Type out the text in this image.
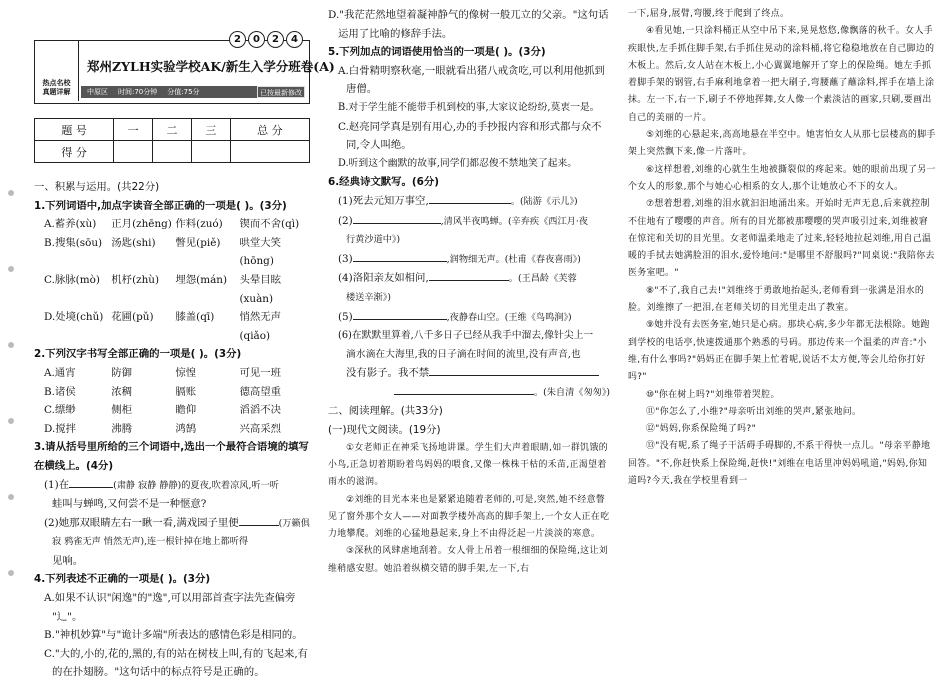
热点名校
真题详解
2	0	2	4
郑州ZYLH实验学校AK/新生入学分班卷(A)
中原区 时间:70分钟 分值:75分	已按最新修改
题 号	一	二	三	总 分
得 分				

一、积累与运用。(共22分)

1.下列词语中,加点字读音全部正确的一项是( )。(3分)

A.蓄养(xù)	正月(zhēng) 作料(zuó)	锲而不舍(qì)
B.搜集(sōu) 汤匙(shi)	瞥见(piě)	哄堂大笑(hōng)
C.脉脉(mò)	机杼(zhù)	埋怨(mán)	头晕目眩(xuàn)
D.处境(chǔ) 花圃(pǔ)	膝盖(qī)	悄然无声(qiǎo)

2.下列汉字书写全部正确的一项是( )。(3分)

A.通宵	防御	惊惶	可见一班
B.诸侯	浓稠	膈账	德高望重
C.缥缈	侧柜	瞻仰	滔滔不决
D.搅拌	沸腾	鸿鹄	兴高采烈

3.请从括号里所给的三个词语中,选出一个最符合语境的填写在横线上。(4分)

(1)在	(肃静 寂静 静静)的夏夜,吹着凉风,听一听

蛙叫与蝉鸣,又何尝不是一种惬意?

(2)她那双眼睛左右一瞅一看,满戏园子里便	(万籁俱

寂 鸦雀无声 悄然无声),连一根针掉在地上都听得

见响。

4.下列表述不正确的一项是( )。(3分)

A.如果不认识"闲逸"的"逸",可以用部首查字法先查偏旁

"辶"。

B."神机妙算"与"诡计多端"所表达的感情色彩是相同的。

C."大的,小的,花的,黑的,有的站在树枝上叫,有的飞起来,有

的在扑翅膀。"这句话中的标点符号是正确的。

D."我茫茫然地望着凝神静气的像树一般兀立的父亲。"这句话

运用了比喻的修辞手法。

5.下列加点的词语使用恰当的一项是( )。(3分)

A.白骨精明察秋毫,一眼就看出猪八戒贪吃,可以利用他抓到

唐僧。

B.对于学生能不能带手机到校的事,大家议论纷纷,莫衷一是。

C.赵亮同学真是别有用心,办的手抄报内容和形式都与众不

同,令人叫绝。

D.听到这个幽默的故事,同学们都忍俊不禁地笑了起来。

6.经典诗文默写。(6分)

(1)死去元知万事空,	。(陆游《示儿》)

(2)	,清风半夜鸣蝉。(辛弃疾《西江月·夜

行黄沙道中》)

(3)	,润物细无声。(杜甫《春夜喜雨》)

(4)洛阳亲友如相问,	。(王昌龄《芙蓉

楼送辛渐》)

(5)	,夜静春山空。(王维《鸟鸣涧》)

(6)在默默里算着,八千多日子已经从我手中溜去,像针尖上一

滴水滴在大海里,我的日子滴在时间的流里,没有声音,也

没有影子。我不禁

。(朱自清《匆匆》)

二、阅读理解。(共33分)

(一)现代文阅读。(19分)

①女老师正在神采飞扬地讲课。学生们大声着眼睛,如一群饥饿的小鸟,正急切着期盼着鸟妈妈的喂食,又像一株株干枯的禾苗,正渴望着雨水的滋润。

②刘维的目光本来也是紧紧追随着老师的,可是,突然,她不经意瞥见了窗外那个女人——对面教学楼外高高的脚手架上,一个女人正在吃力地攀爬。刘维的心猛地悬起来,身上不由得泛起一片淡淡的寒意。

③深秋的风肆虐地刮着。女人骨上吊着一根细细的保险绳,这让刘维稍感安慰。她沿着纵横交错的脚手架,左一下,右

一下,屈身,展臂,弯腰,终于爬到了终点。

④看见她,一只涂料桶正从空中吊下来,晃晃悠悠,像飘落的秋千。女人手疾眼快,左手抓住脚手架,右手抓住晃动的涂料桶,将它稳稳地放在自己脚边的木板上。然后,女人站在木板上,小心翼翼地解开了穿上的保险绳。她左手抓着脚手架的钢管,右手麻利地拿着一把大刷子,弯腰蘸了蘸涂料,挥手在墙上涂抹。左一下,右一下,刷子不停地挥舞,女人像一个素淡洁的画家,只刷,要画出自己的美丽的一片。

⑤刘维的心悬起来,高高地悬在半空中。她害怕女人从那七层楼高的脚手架上突然飘下来,像一片落叶。

⑥这样想着,刘维的心就生生地被撕裂似的疼起来。她的眼前出现了另一个女人的形象,那个与她心心相系的女人,那个让她放心不下的女人。

⑦想着想着,刘维的泪水就汩汩地涌出来。开始时无声无息,后来就控制不住地有了嘤嘤的声音。所有的目光都被那嘤嘤的哭声吸引过来,刘维被窘在惊诧和关切的目光里。女老师温柔地走了过来,轻轻地拉起刘维,用自己温暖的手拭去她满脸泪的泪水,爱怜地问:"是哪里不舒服吗?"同桌说:"我陪你去医务室吧。"

⑧"不了,我自己去!"刘维终于勇敢地抬起头,老师看到一张满是泪水的脸。刘维擦了一把泪,在老师关切的目光里走出了教室。

⑨她并没有去医务室,她只是心病。那块心病,多少年都无法根除。她跑到学校的电话亭,快速拨通那个熟悉的号码。那边传来一个温柔的声音:"小维,有什么事吗?"妈妈正在脚手架上忙着呢,说话不太方便,等会儿给你打好吗?"

⑩"你在树上吗?"刘维带着哭腔。

⑪"你怎么了,小维?"母亲听出刘维的哭声,紧张地问。

⑫"妈妈,你系保险绳了吗?"

⑬"没有呢,系了绳子干活碍手碍脚的,不系干得快一点儿。"母亲平静地回答。"不,你赶快系上保险绳,赶快!"刘维在电话里冲妈妈吼道,"妈妈,你知道吗?今天,我在学校里看到一
